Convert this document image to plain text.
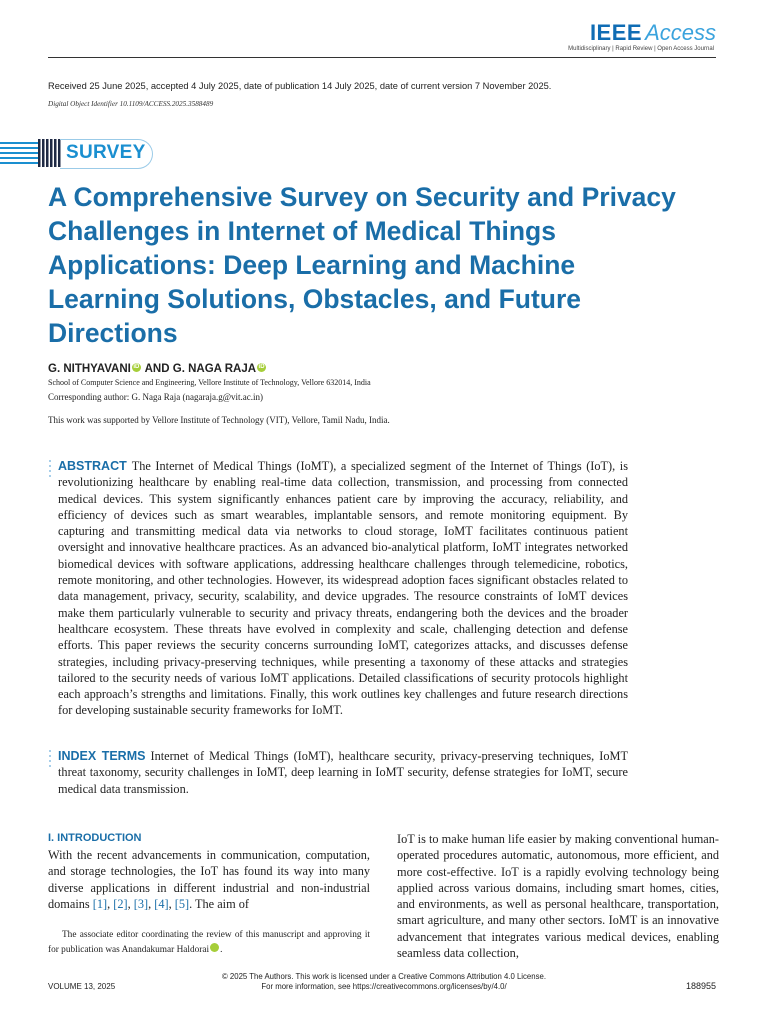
IEEE Access
Multidisciplinary | Rapid Review | Open Access Journal
Received 25 June 2025, accepted 4 July 2025, date of publication 14 July 2025, date of current version 7 November 2025.
Digital Object Identifier 10.1109/ACCESS.2025.3588489
SURVEY
A Comprehensive Survey on Security and Privacy Challenges in Internet of Medical Things Applications: Deep Learning and Machine Learning Solutions, Obstacles, and Future Directions
G. NITHYAVANI iD AND G. NAGA RAJA iD
School of Computer Science and Engineering, Vellore Institute of Technology, Vellore 632014, India
Corresponding author: G. Naga Raja (nagaraja.g@vit.ac.in)
This work was supported by Vellore Institute of Technology (VIT), Vellore, Tamil Nadu, India.
ABSTRACT The Internet of Medical Things (IoMT), a specialized segment of the Internet of Things (IoT), is revolutionizing healthcare by enabling real-time data collection, transmission, and processing from connected medical devices. This system significantly enhances patient care by improving the accuracy, reliability, and efficiency of devices such as smart wearables, implantable sensors, and remote monitoring equipment. By capturing and transmitting medical data via networks to cloud storage, IoMT facilitates continuous patient oversight and innovative healthcare practices. As an advanced bio-analytical platform, IoMT integrates networked biomedical devices with software applications, addressing healthcare challenges through telemedicine, robotics, remote monitoring, and other technologies. However, its widespread adoption faces significant obstacles related to data management, privacy, security, scalability, and device upgrades. The resource constraints of IoMT devices make them particularly vulnerable to security and privacy threats, endangering both the devices and the broader healthcare ecosystem. These threats have evolved in complexity and scale, challenging detection and defense efforts. This paper reviews the security concerns surrounding IoMT, categorizes attacks, and discusses defense strategies, including privacy-preserving techniques, while presenting a taxonomy of these attacks and strategies tailored to the security needs of various IoMT applications. Detailed classifications of security protocols highlight each approach’s strengths and limitations. Finally, this work outlines key challenges and future research directions for developing sustainable security frameworks for IoMT.
INDEX TERMS Internet of Medical Things (IoMT), healthcare security, privacy-preserving techniques, IoMT threat taxonomy, security challenges in IoMT, deep learning in IoMT security, defense strategies for IoMT, secure medical data transmission.
I. INTRODUCTION
With the recent advancements in communication, computation, and storage technologies, the IoT has found its way into many diverse applications in different industrial and non-industrial domains [1], [2], [3], [4], [5]. The aim of

The associate editor coordinating the review of this manuscript and approving it for publication was Anandakumar Haldorai	iD.

IoT is to make human life easier by making conventional human-operated procedures automatic, autonomous, more efficient, and more cost-effective. IoT is a rapidly evolving technology being applied across various domains, including smart homes, cities, and environments, as well as personal healthcare, transportation, smart agriculture, and many other sectors. IoMT is an innovative advancement that integrates various medical devices, enabling seamless data collection,
© 2025 The Authors. This work is licensed under a Creative Commons Attribution 4.0 License.
For more information, see https://creativecommons.org/licenses/by/4.0/
VOLUME 13, 2025	188955
